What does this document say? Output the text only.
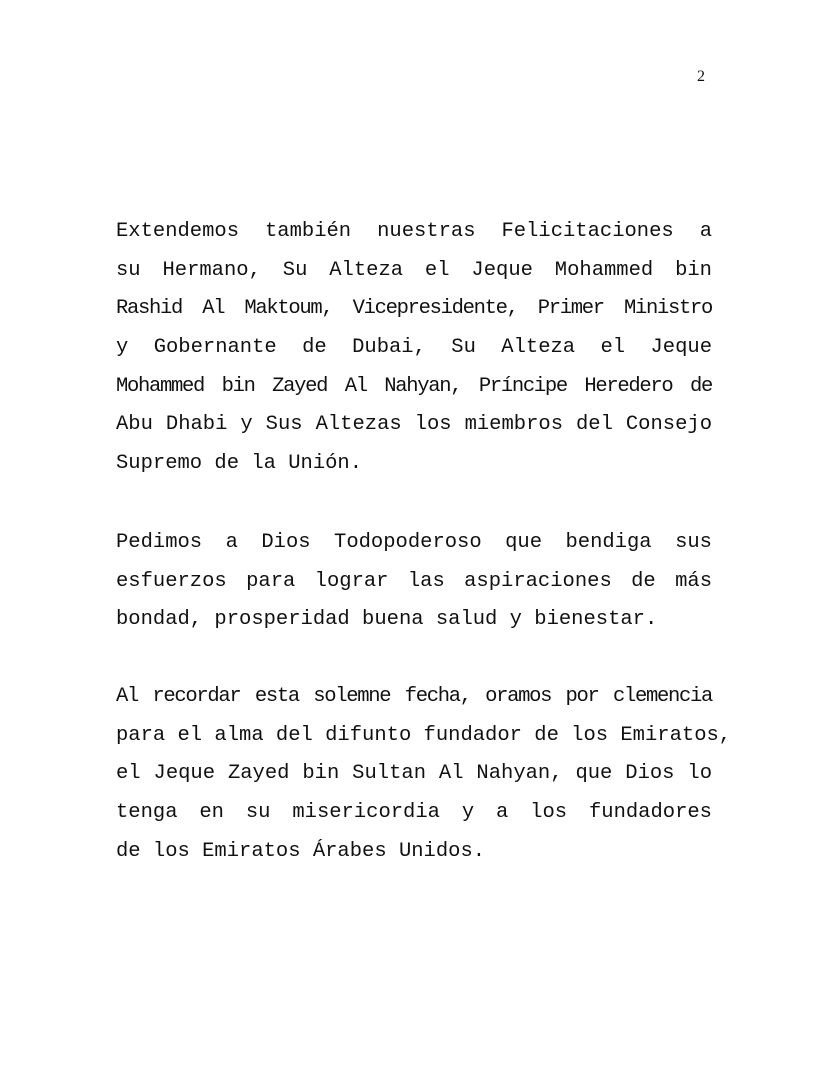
2
Extendemos también nuestras Felicitaciones a
su Hermano, Su Alteza el Jeque Mohammed bin
Rashid Al Maktoum, Vicepresidente, Primer Ministro
y Gobernante de Dubai, Su Alteza el Jeque
Mohammed bin Zayed Al Nahyan, Príncipe Heredero de
Abu Dhabi y Sus Altezas los miembros del Consejo
Supremo de la Unión.
Pedimos a Dios Todopoderoso que bendiga sus
esfuerzos para lograr las aspiraciones de más
bondad, prosperidad buena salud y bienestar.
Al recordar esta solemne fecha, oramos por clemencia
para el alma del difunto fundador de los Emiratos,
el Jeque Zayed bin Sultan Al Nahyan, que Dios lo
tenga en su misericordia y a los fundadores
de los Emiratos Árabes Unidos.
